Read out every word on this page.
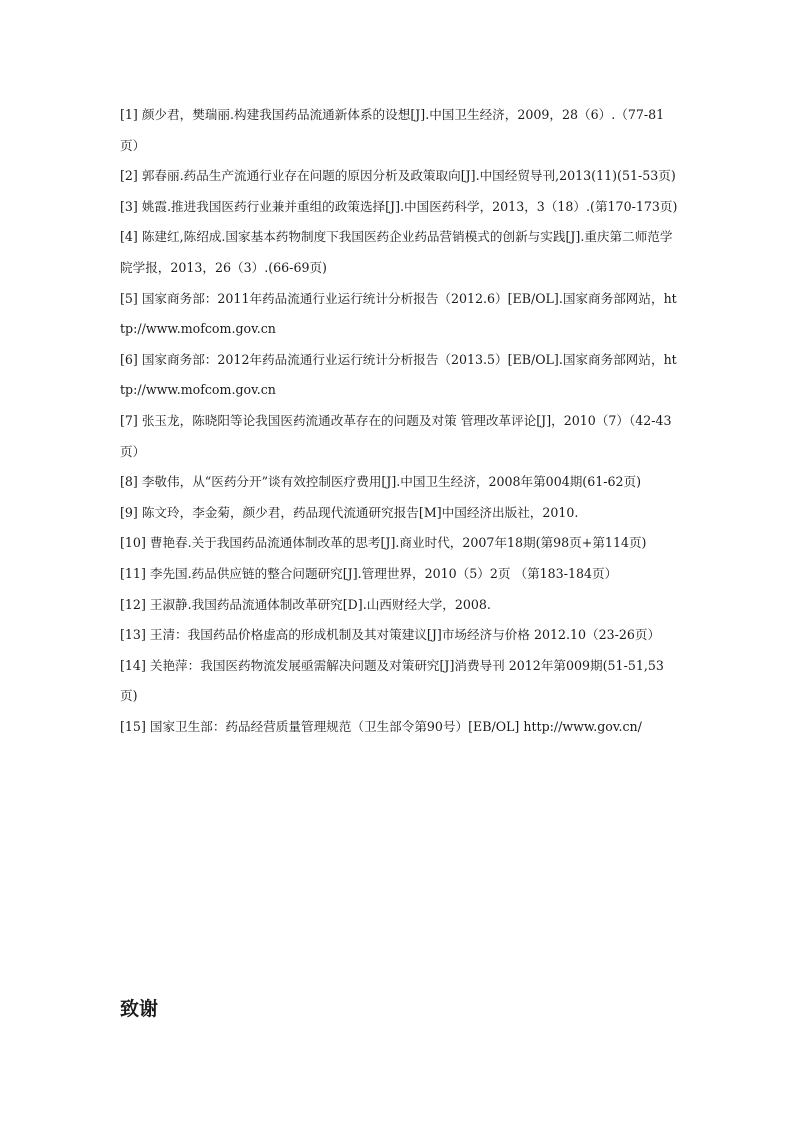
[1] 颜少君，樊瑞丽.构建我国药品流通新体系的设想[J].中国卫生经济，2009，28（6）.（77-81页）
[2] 郭春丽.药品生产流通行业存在问题的原因分析及政策取向[J].中国经贸导刊,2013(11)(51-53页)
[3] 姚霞.推进我国医药行业兼并重组的政策选择[J].中国医药科学，2013，3（18）.(第170-173页)
[4] 陈建红,陈绍成.国家基本药物制度下我国医药企业药品营销模式的创新与实践[J].重庆第二师范学院学报，2013，26（3）.(66-69页)
[5] 国家商务部：2011年药品流通行业运行统计分析报告（2012.6）[EB/OL].国家商务部网站，http://www.mofcom.gov.cn
[6] 国家商务部：2012年药品流通行业运行统计分析报告（2013.5）[EB/OL].国家商务部网站，http://www.mofcom.gov.cn
[7] 张玉龙，陈晓阳等论我国医药流通改革存在的问题及对策 管理改革评论[J]，2010（7）（42-43页）
[8] 李敬伟，从“医药分开”谈有效控制医疗费用[J].中国卫生经济，2008年第004期(61-62页)
[9] 陈文玲，李金菊，颜少君，药品现代流通研究报告[M]中国经济出版社，2010.
[10] 曹艳春.关于我国药品流通体制改革的思考[J].商业时代，2007年18期(第98页+第114页)
[11] 李先国.药品供应链的整合问题研究[J].管理世界，2010（5）2页 （第183-184页）
[12] 王淑静.我国药品流通体制改革研究[D].山西财经大学，2008.
[13] 王清：我国药品价格虚高的形成机制及其对策建议[J]市场经济与价格 2012.10（23-26页）
[14] 关艳萍：我国医药物流发展亟需解决问题及对策研究[J]消费导刊 2012年第009期(51-51,53页)
[15] 国家卫生部：药品经营质量管理规范（卫生部令第90号）[EB/OL] http://www.gov.cn/
致谢
